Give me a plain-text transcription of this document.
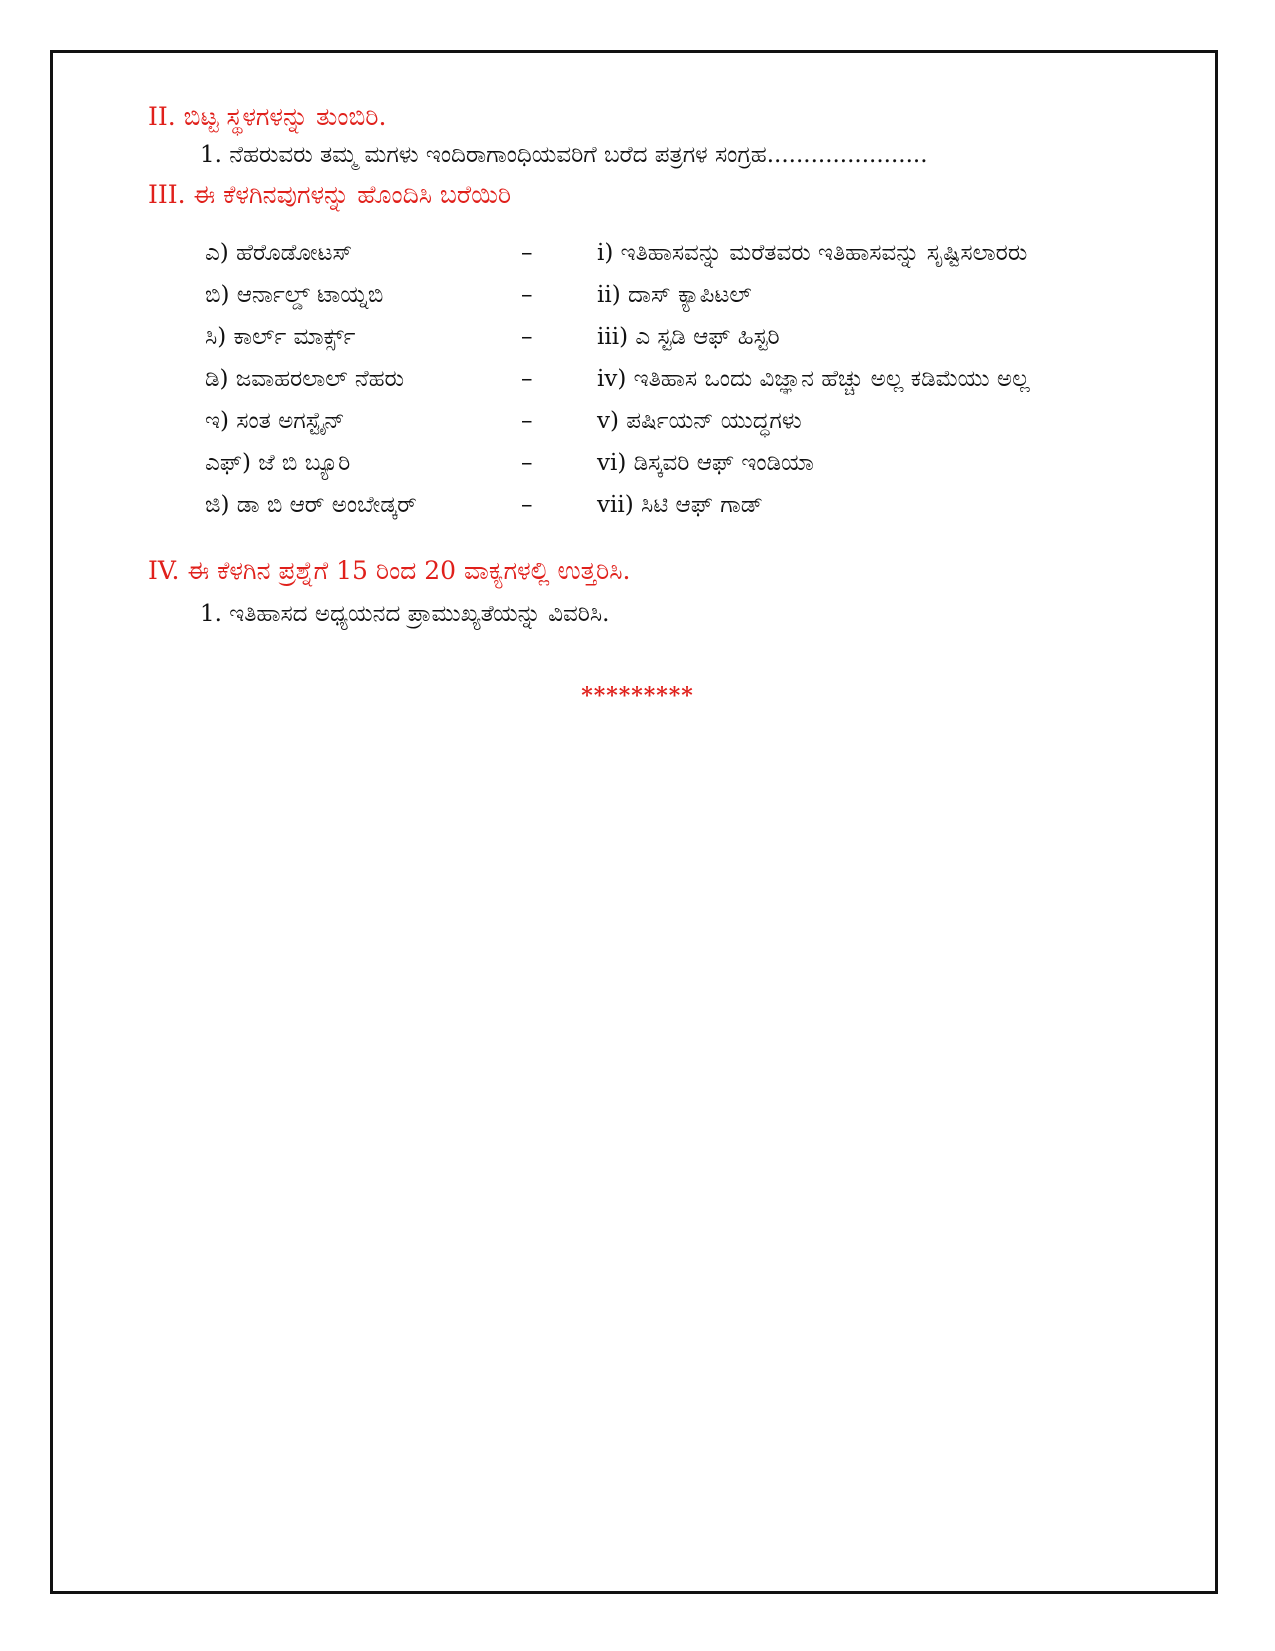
II. ಬಿಟ್ಟ ಸ್ಥಳಗಳನ್ನು ತುಂಬಿರಿ.
1. ನೆಹರುವರು ತಮ್ಮ ಮಗಳು ಇಂದಿರಾಗಾಂಧಿಯವರಿಗೆ ಬರೆದ ಪತ್ರಗಳ ಸಂಗ್ರಹ......................
III. ಈ ಕೆಳಗಿನವುಗಳನ್ನು ಹೊಂದಿಸಿ ಬರೆಯಿರಿ
ಎ) ಹೆರೊಡೋಟಸ್	–	i) ಇತಿಹಾಸವನ್ನು ಮರೆತವರು ಇತಿಹಾಸವನ್ನು ಸೃಷ್ಟಿಸಲಾರರು
ಬಿ) ಆರ್ನಾಲ್ಡ್ ಟಾಯ್ನಬಿ	–	ii) ದಾಸ್ ಕ್ಯಾಪಿಟಲ್
ಸಿ) ಕಾರ್ಲ್ ಮಾರ್ಕ್ಸ್	–	iii) ಎ ಸ್ಟಡಿ ಆಫ್ ಹಿಸ್ಟರಿ
ಡಿ) ಜವಾಹರಲಾಲ್ ನೆಹರು	–	iv) ಇತಿಹಾಸ ಒಂದು ವಿಜ್ಞಾನ ಹೆಚ್ಚು ಅಲ್ಲ ಕಡಿಮೆಯು ಅಲ್ಲ
ಇ) ಸಂತ ಅಗಸ್ಟೈನ್	–	v) ಪರ್ಷಿಯನ್ ಯುದ್ಧಗಳು
ಎಫ್) ಜೆ ಬಿ ಬ್ಯೂರಿ	–	vi) ಡಿಸ್ಕವರಿ ಆಫ್ ಇಂಡಿಯಾ
ಜಿ) ಡಾ ಬಿ ಆರ್ ಅಂಬೇಡ್ಕರ್	–	vii) ಸಿಟಿ ಆಫ್ ಗಾಡ್
IV. ಈ ಕೆಳಗಿನ ಪ್ರಶ್ನೆಗೆ 15 ರಿಂದ 20 ವಾಕ್ಯಗಳಲ್ಲಿ ಉತ್ತರಿಸಿ.
1. ಇತಿಹಾಸದ ಅಧ್ಯಯನದ ಪ್ರಾಮುಖ್ಯತೆಯನ್ನು ವಿವರಿಸಿ.
*********
